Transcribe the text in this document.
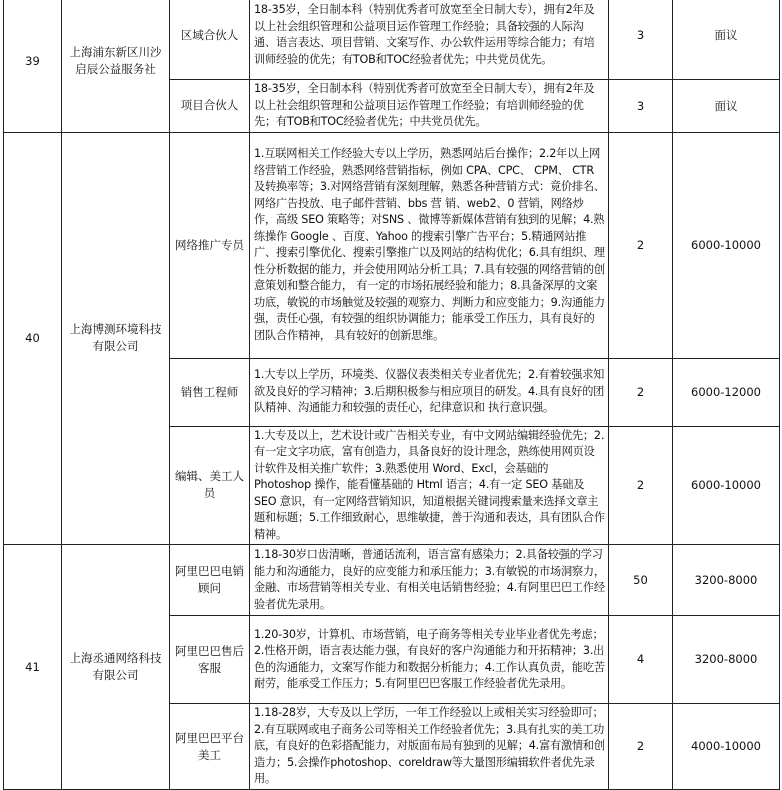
39	上海浦东新区川沙启辰公益服务社	区域合伙人	18-35岁，全日制本科（特别优秀者可放宽至全日制大专），拥有2年及以上社会组织管理和公益项目运作管理工作经验；具备较强的人际沟通、语言表达、项目营销、文案写作、办公软件运用等综合能力；有培训师经验的优先；有TOB和TOC经验者优先；中共党员优先。	3	面议
		项目合伙人	18-35岁，全日制本科（特别优秀者可放宽至全日制大专），拥有2年及以上社会组织管理和公益项目运作管理工作经验；有培训师经验的优先；有TOB和TOC经验者优先；中共党员优先。	3	面议
40	上海博测环境科技有限公司	网络推广专员	1.互联网相关工作经验大专以上学历，熟悉网站后台操作；2.2年以上网络营销工作经验，熟悉网络营销指标，例如 CPA、CPC、 CPM、 CTR 及转换率等；3.对网络营销有深刻理解，熟悉各种营销方式：竟价排名、网络广告投放、电子邮件营销、bbs 营 销、web2、0 营销，网络炒作，高级 SEO 策略等；对SNS 、微博等新媒体营销有独到的见解；4.熟练操作 Google 、百度、Yahoo 的搜索引擎广告平台；5.精通网站推广、搜索引擎优化、搜索引擎推广以及网站的结构优化；6.具有组织、理性分析数据的能力，并会使用网站分析工具；7.具有较强的网络营销的创意策划和整合能力， 有一定的市场拓展经验和能力；8.具备深厚的文案功底，敏锐的市场触觉及较强的观察力、判断力和应变能力；9.沟通能力强，责任心强，有较强的组织协调能力；能承受工作压力，具有良好的团队合作精神， 具有较好的创新思维。	2	6000-10000
		销售工程师	1.大专以上学历，环境类、仪器仪表类相关专业者优先；2.有着较强求知欲及良好的学习精神；3.后期积极参与相应项目的研发。4.具有良好的团队精神、沟通能力和较强的责任心，纪律意识和 执行意识强。	2	6000-12000
		编辑、美工人员	1.大专及以上，艺术设计或广告相关专业，有中文网站编辑经验优先；2.有一定文字功底，富有创造力，具备良好的设计理念，熟练使用网页设计软件及相关推广软件；3.熟悉使用 Word、Excl，会基础的 Photoshop 操作，能看懂基础的 Html 语言；4.有一定 SEO 基础及 SEO 意识，有一定网络营销知识，知道根据关键词搜索量来选择文章主题和标题；5.工作细致耐心，思维敏捷，善于沟通和表达，具有团队合作精神。	2	6000-10000
41	上海丞通网络科技有限公司	阿里巴巴电销顾问	1.18-30岁口齿清晰，普通话流利，语言富有感染力；2.具备较强的学习能力和沟通能力，良好的应变能力和承压能力；3.有敏锐的市场洞察力，金融、市场营销等相关专业、有相关电话销售经验；4.有阿里巴巴工作经验者优先录用。	50	3200-8000
		阿里巴巴售后客服	1.20-30岁，计算机、市场营销，电子商务等相关专业毕业者优先考虑；2.性格开朗，语言表达能力强，有良好的客户沟通能力和开拓精神；3.出色的沟通能力，文案写作能力和数据分析能力；4.工作认真负责，能吃苦耐劳，能承受工作压力；5.有阿里巴巴客服工作经验者优先录用。	4	3200-8000
		阿里巴巴平台美工	1.18-28岁，大专及以上学历，一年工作经验以上或相关实习经验即可；2.有互联网或电子商务公司等相关工作经验者优先；3.具有扎实的美工功底，有良好的色彩搭配能力，对版面布局有独到的见解；4.富有激情和创造力；5.会操作photoshop、coreldraw等大量图形编辑软件者优先录用。	2	4000-10000
